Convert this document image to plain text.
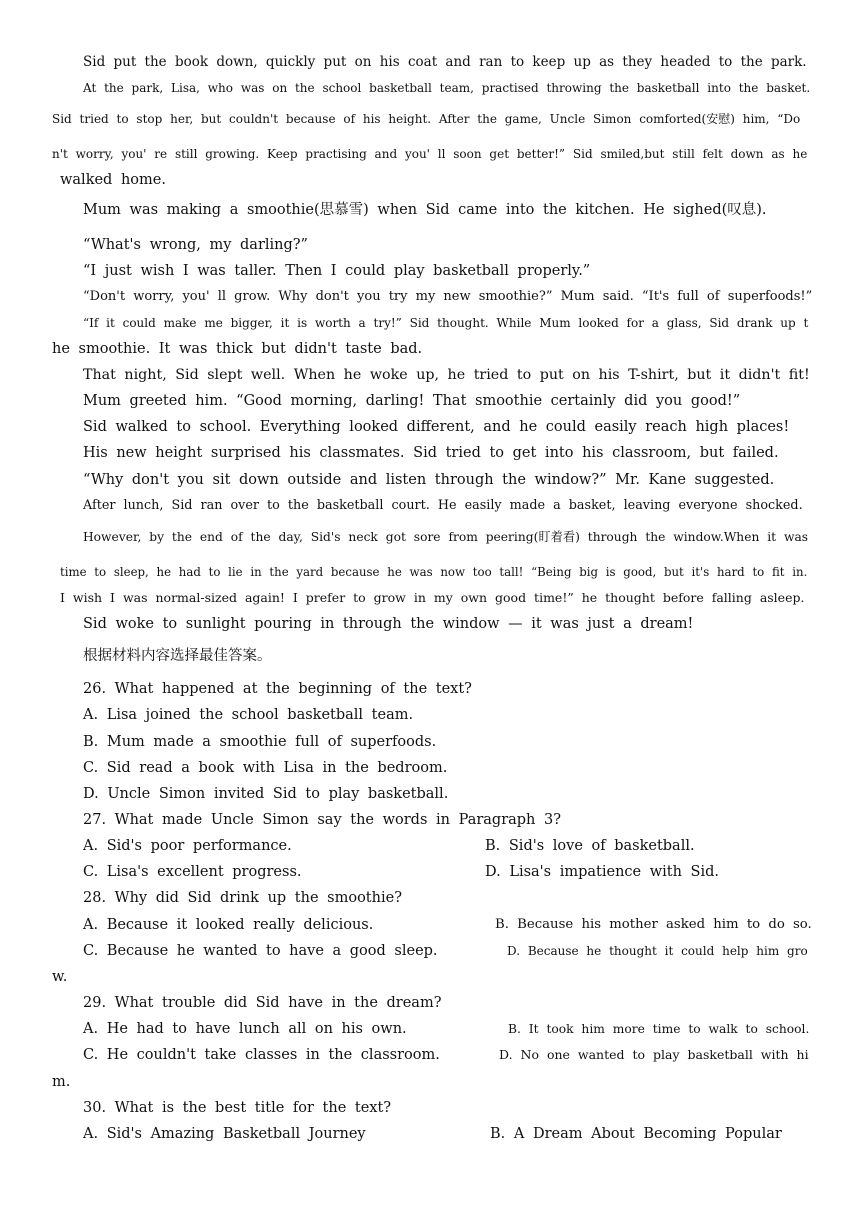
Sid put the book down, quickly put on his coat and ran to keep up as they headed to the park.
At the park, Lisa, who was on the school basketball team, practised throwing the basketball into the basket.
Sid tried to stop her, but couldn't because of his height. After the game, Uncle Simon comforted(安慰) him, “Do
n't worry, you' re still growing. Keep practising and you' ll soon get better!” Sid smiled,but still felt down as he
walked home.
Mum was making a smoothie(思慕雪) when Sid came into the kitchen. He sighed(叹息).
“What's wrong, my darling?”
“I just wish I was taller. Then I could play basketball properly.”
“Don't worry, you' ll grow. Why don't you try my new smoothie?” Mum said. “It's full of superfoods!”
“If it could make me bigger, it is worth a try!” Sid thought. While Mum looked for a glass, Sid drank up t
he smoothie. It was thick but didn't taste bad.
That night, Sid slept well. When he woke up, he tried to put on his T-shirt, but it didn't fit!
Mum greeted him. “Good morning, darling! That smoothie certainly did you good!”
Sid walked to school. Everything looked different, and he could easily reach high places!
His new height surprised his classmates. Sid tried to get into his classroom, but failed.
“Why don't you sit down outside and listen through the window?” Mr. Kane suggested.
After lunch, Sid ran over to the basketball court. He easily made a basket, leaving everyone shocked.
However, by the end of the day, Sid's neck got sore from peering(盯着看) through the window.When it was
time to sleep, he had to lie in the yard because he was now too tall! “Being big is good, but it's hard to fit in.
I wish I was normal-sized again! I prefer to grow in my own good time!” he thought before falling asleep.
Sid woke to sunlight pouring in through the window — it was just a dream!
根据材料内容选择最佳答案。
26. What happened at the beginning of the text?
A. Lisa joined the school basketball team.
B. Mum made a smoothie full of superfoods.
C. Sid read a book with Lisa in the bedroom.
D. Uncle Simon invited Sid to play basketball.
27. What made Uncle Simon say the words in Paragraph 3?
A. Sid's poor performance.	B. Sid's love of basketball.
C. Lisa's excellent progress.	D. Lisa's impatience with Sid.
28. Why did Sid drink up the smoothie?
A. Because it looked really delicious.	B. Because his mother asked him to do so.
C. Because he wanted to have a good sleep.	D. Because he thought it could help him gro
w.
29. What trouble did Sid have in the dream?
A. He had to have lunch all on his own.	B. It took him more time to walk to school.
C. He couldn't take classes in the classroom.	D. No one wanted to play basketball with hi
m.
30. What is the best title for the text?
A. Sid's Amazing Basketball Journey	B. A Dream About Becoming Popular
